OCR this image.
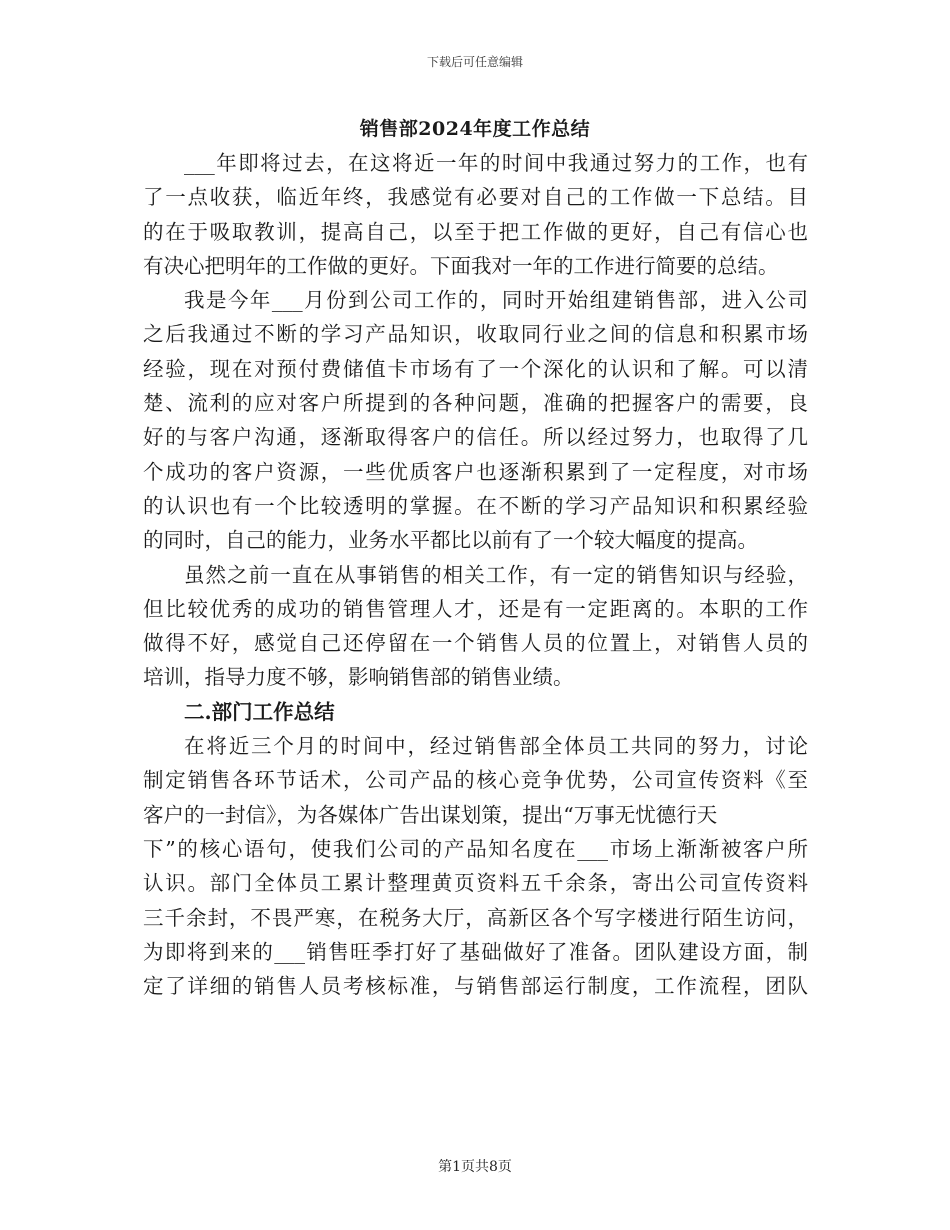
下载后可任意编辑
销售部2024年度工作总结
___年即将过去，在这将近一年的时间中我通过努力的工作，也有
了一点收获，临近年终，我感觉有必要对自己的工作做一下总结。目
的在于吸取教训，提高自己，以至于把工作做的更好，自己有信心也
有决心把明年的工作做的更好。下面我对一年的工作进行简要的总结。
我是今年___月份到公司工作的，同时开始组建销售部，进入公司
之后我通过不断的学习产品知识，收取同行业之间的信息和积累市场
经验，现在对预付费储值卡市场有了一个深化的认识和了解。可以清
楚、流利的应对客户所提到的各种问题，准确的把握客户的需要，良
好的与客户沟通，逐渐取得客户的信任。所以经过努力，也取得了几
个成功的客户资源，一些优质客户也逐渐积累到了一定程度，对市场
的认识也有一个比较透明的掌握。在不断的学习产品知识和积累经验
的同时，自己的能力，业务水平都比以前有了一个较大幅度的提高。
虽然之前一直在从事销售的相关工作，有一定的销售知识与经验，
但比较优秀的成功的销售管理人才，还是有一定距离的。本职的工作
做得不好，感觉自己还停留在一个销售人员的位置上，对销售人员的
培训，指导力度不够，影响销售部的销售业绩。
二.部门工作总结
在将近三个月的时间中，经过销售部全体员工共同的努力，讨论
制定销售各环节话术，公司产品的核心竞争优势，公司宣传资料《至
客户的一封信》，为各媒体广告出谋划策，提出“万事无忧德行天
下”的核心语句，使我们公司的产品知名度在___市场上渐渐被客户所
认识。部门全体员工累计整理黄页资料五千余条，寄出公司宣传资料
三千余封，不畏严寒，在税务大厅，高新区各个写字楼进行陌生访问，
为即将到来的___销售旺季打好了基础做好了准备。团队建设方面，制
定了详细的销售人员考核标准，与销售部运行制度，工作流程，团队
第1页共8页
